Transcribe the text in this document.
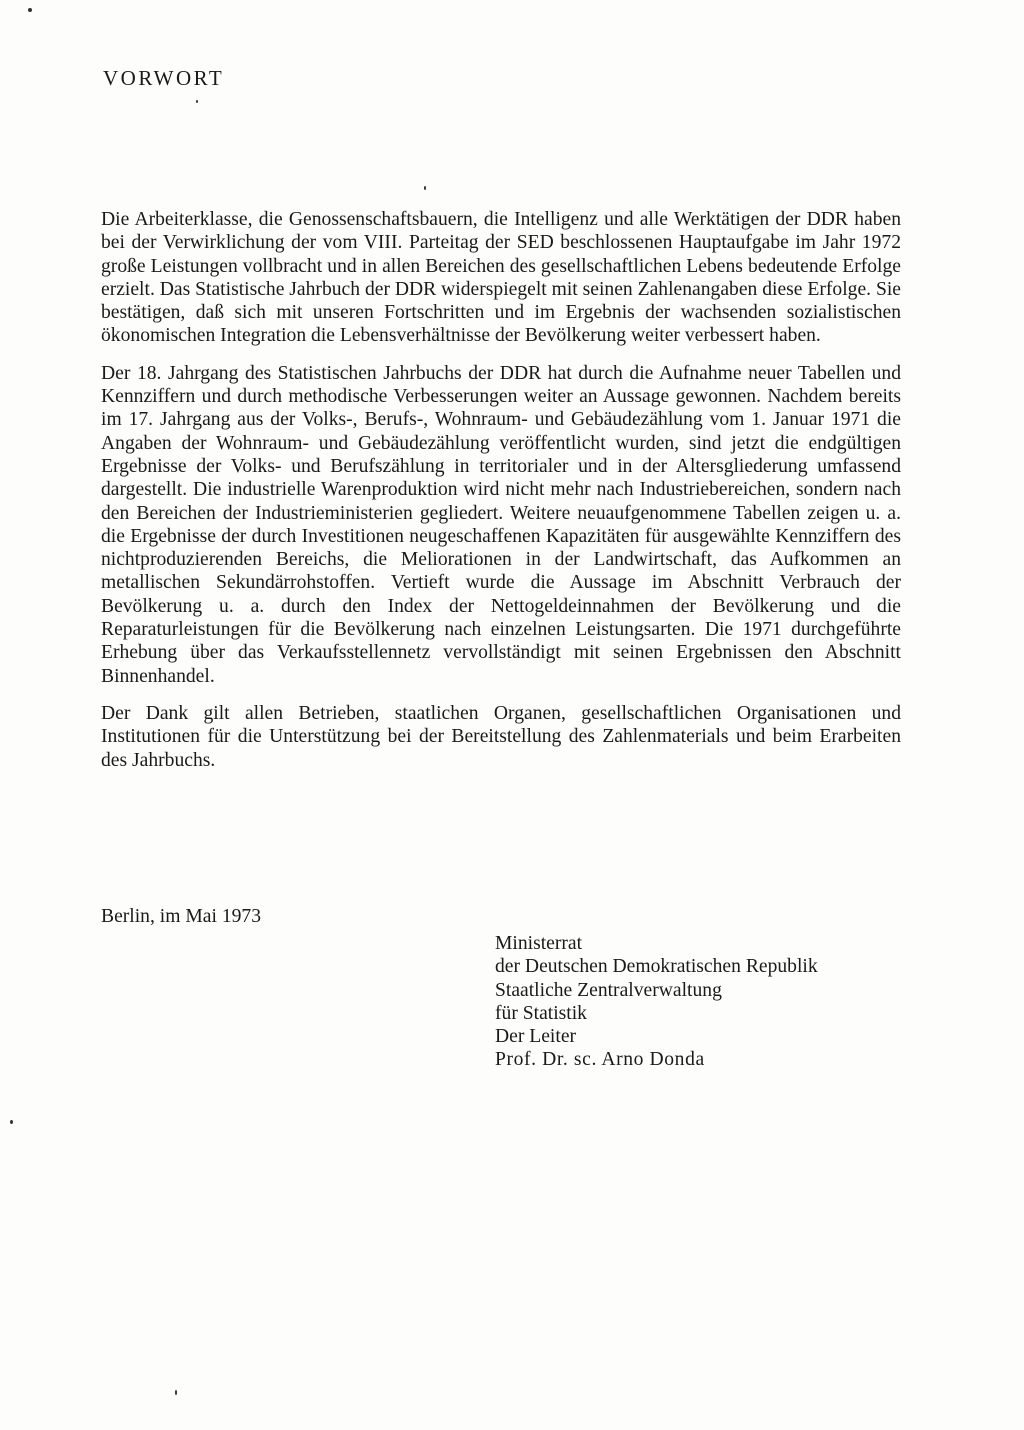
VORWORT

Die Arbeiterklasse, die Genossenschaftsbauern, die Intelligenz und alle Werktätigen der DDR haben bei der Verwirklichung der vom VIII. Parteitag der SED beschlossenen Hauptaufgabe im Jahr 1972 große Leistungen vollbracht und in allen Bereichen des gesellschaftlichen Lebens bedeutende Erfolge erzielt. Das Statistische Jahrbuch der DDR widerspiegelt mit seinen Zahlenangaben diese Erfolge. Sie bestätigen, daß sich mit unseren Fortschritten und im Ergebnis der wachsenden sozialistischen ökonomischen Integration die Lebensverhältnisse der Bevölkerung weiter verbessert haben.

Der 18. Jahrgang des Statistischen Jahrbuchs der DDR hat durch die Aufnahme neuer Tabellen und Kennziffern und durch methodische Verbesserungen weiter an Aussage gewonnen. Nachdem bereits im 17. Jahrgang aus der Volks-, Berufs-, Wohnraum- und Gebäudezählung vom 1. Januar 1971 die Angaben der Wohnraum- und Gebäudezählung veröffentlicht wurden, sind jetzt die endgültigen Ergebnisse der Volks- und Berufszählung in territorialer und in der Altersgliederung umfassend dargestellt. Die industrielle Warenproduktion wird nicht mehr nach Industriebereichen, sondern nach den Bereichen der Industrieministerien gegliedert. Weitere neuaufgenommene Tabellen zeigen u. a. die Ergebnisse der durch Investitionen neugeschaffenen Kapazitäten für ausgewählte Kennziffern des nichtproduzierenden Bereichs, die Meliorationen in der Landwirtschaft, das Aufkommen an metallischen Sekundärrohstoffen. Vertieft wurde die Aussage im Abschnitt Verbrauch der Bevölkerung u. a. durch den Index der Nettogeldeinnahmen der Bevölkerung und die Reparaturleistungen für die Bevölkerung nach einzelnen Leistungsarten. Die 1971 durchgeführte Erhebung über das Verkaufsstellennetz vervollständigt mit seinen Ergebnissen den Abschnitt Binnenhandel.

Der Dank gilt allen Betrieben, staatlichen Organen, gesellschaftlichen Organisationen und Institutionen für die Unterstützung bei der Bereitstellung des Zahlenmaterials und beim Erarbeiten des Jahrbuchs.

Berlin, im Mai 1973

Ministerrat
der Deutschen Demokratischen Republik
Staatliche Zentralverwaltung
für Statistik
Der Leiter
Prof. Dr. sc. Arno Donda
